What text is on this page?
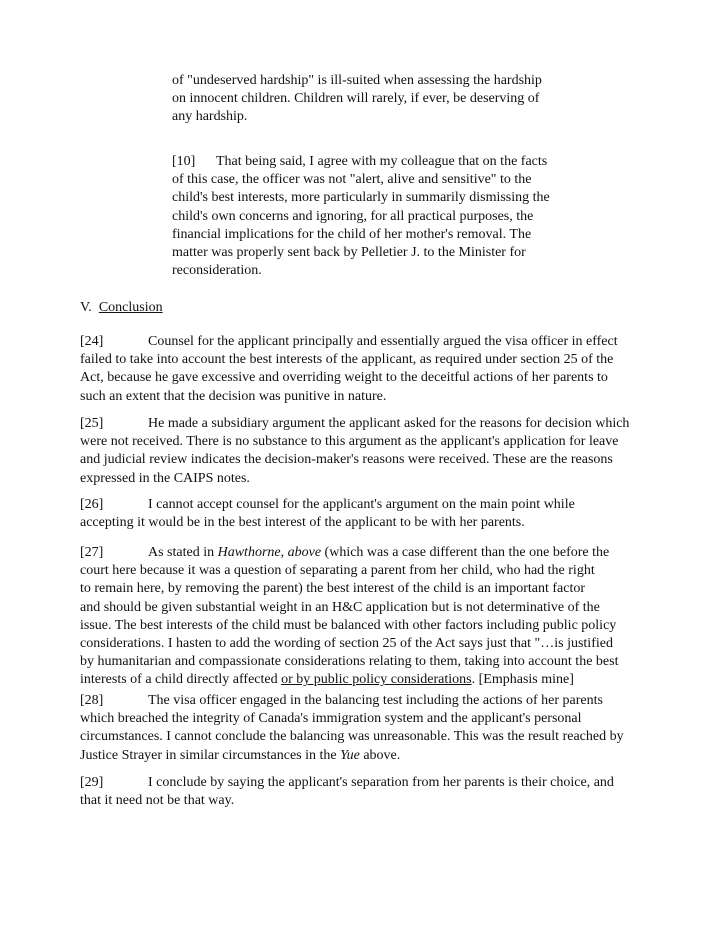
of "undeserved hardship" is ill-suited when assessing the hardship
on innocent children. Children will rarely, if ever, be deserving of
any hardship.
[10] That being said, I agree with my colleague that on the facts
of this case, the officer was not "alert, alive and sensitive" to the
child's best interests, more particularly in summarily dismissing the
child's own concerns and ignoring, for all practical purposes, the
financial implications for the child of her mother's removal. The
matter was properly sent back by Pelletier J. to the Minister for
reconsideration.
V. Conclusion
[24]	Counsel for the applicant principally and essentially argued the visa officer in effect
failed to take into account the best interests of the applicant, as required under section 25 of the
Act, because he gave excessive and overriding weight to the deceitful actions of her parents to
such an extent that the decision was punitive in nature.
[25]	He made a subsidiary argument the applicant asked for the reasons for decision which
were not received. There is no substance to this argument as the applicant's application for leave
and judicial review indicates the decision-maker's reasons were received. These are the reasons
expressed in the CAIPS notes.
[26]	I cannot accept counsel for the applicant's argument on the main point while
accepting it would be in the best interest of the applicant to be with her parents.
[27]	As stated in Hawthorne, above (which was a case different than the one before the
court here because it was a question of separating a parent from her child, who had the right
to remain here, by removing the parent) the best interest of the child is an important factor
and should be given substantial weight in an H&C application but is not determinative of the
issue. The best interests of the child must be balanced with other factors including public policy
considerations. I hasten to add the wording of section 25 of the Act says just that "…is justified
by humanitarian and compassionate considerations relating to them, taking into account the best
interests of a child directly affected or by public policy considerations. [Emphasis mine]
[28]	The visa officer engaged in the balancing test including the actions of her parents
which breached the integrity of Canada's immigration system and the applicant's personal
circumstances. I cannot conclude the balancing was unreasonable. This was the result reached by
Justice Strayer in similar circumstances in the Yue above.
[29]	I conclude by saying the applicant's separation from her parents is their choice, and
that it need not be that way.
